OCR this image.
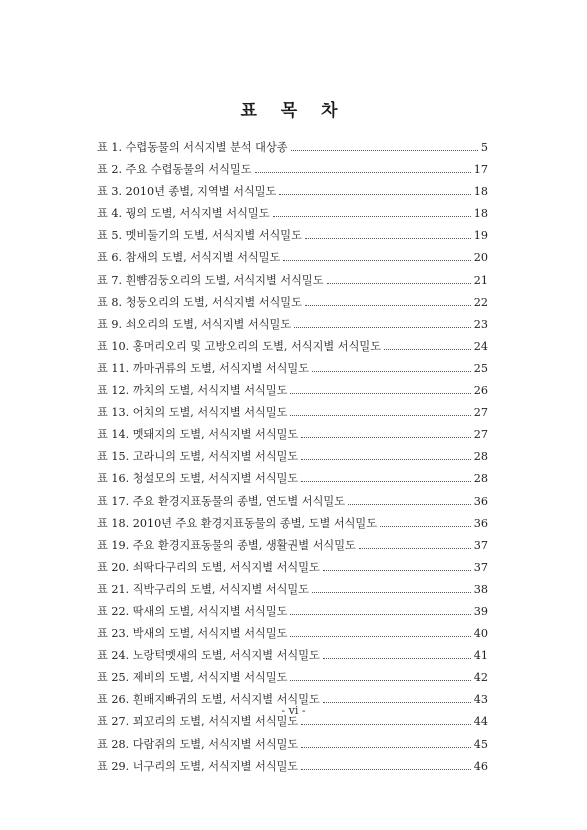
표 목 차
표 1. 수렵동물의 서식지별 분석 대상종	5
표 2. 주요 수렵동물의 서식밀도	17
표 3. 2010년 종별, 지역별 서식밀도	18
표 4. 꿩의 도별, 서식지별 서식밀도	18
표 5. 멧비둘기의 도별, 서식지별 서식밀도	19
표 6. 참새의 도별, 서식지별 서식밀도	20
표 7. 흰뺨검둥오리의 도별, 서식지별 서식밀도	21
표 8. 청둥오리의 도별, 서식지별 서식밀도	22
표 9. 쇠오리의 도별, 서식지별 서식밀도	23
표 10. 홍머리오리 및 고방오리의 도별, 서식지별 서식밀도	24
표 11. 까마귀류의 도별, 서식지별 서식밀도	25
표 12. 까치의 도별, 서식지별 서식밀도	26
표 13. 어치의 도별, 서식지별 서식밀도	27
표 14. 멧돼지의 도별, 서식지별 서식밀도	27
표 15. 고라니의 도별, 서식지별 서식밀도	28
표 16. 청설모의 도별, 서식지별 서식밀도	28
표 17. 주요 환경지표동물의 종별, 연도별 서식밀도	36
표 18. 2010년 주요 환경지표동물의 종별, 도별 서식밀도	36
표 19. 주요 환경지표동물의 종별, 생활권별 서식밀도	37
표 20. 쇠딱다구리의 도별, 서식지별 서식밀도	37
표 21. 직박구리의 도별, 서식지별 서식밀도	38
표 22. 딱새의 도별, 서식지별 서식밀도	39
표 23. 박새의 도별, 서식지별 서식밀도	40
표 24. 노랑턱멧새의 도별, 서식지별 서식밀도	41
표 25. 제비의 도별, 서식지별 서식밀도	42
표 26. 흰배지빠귀의 도별, 서식지별 서식밀도	43
표 27. 꾀꼬리의 도별, 서식지별 서식밀도	44
표 28. 다람쥐의 도별, 서식지별 서식밀도	45
표 29. 너구리의 도별, 서식지별 서식밀도	46
- vi -
